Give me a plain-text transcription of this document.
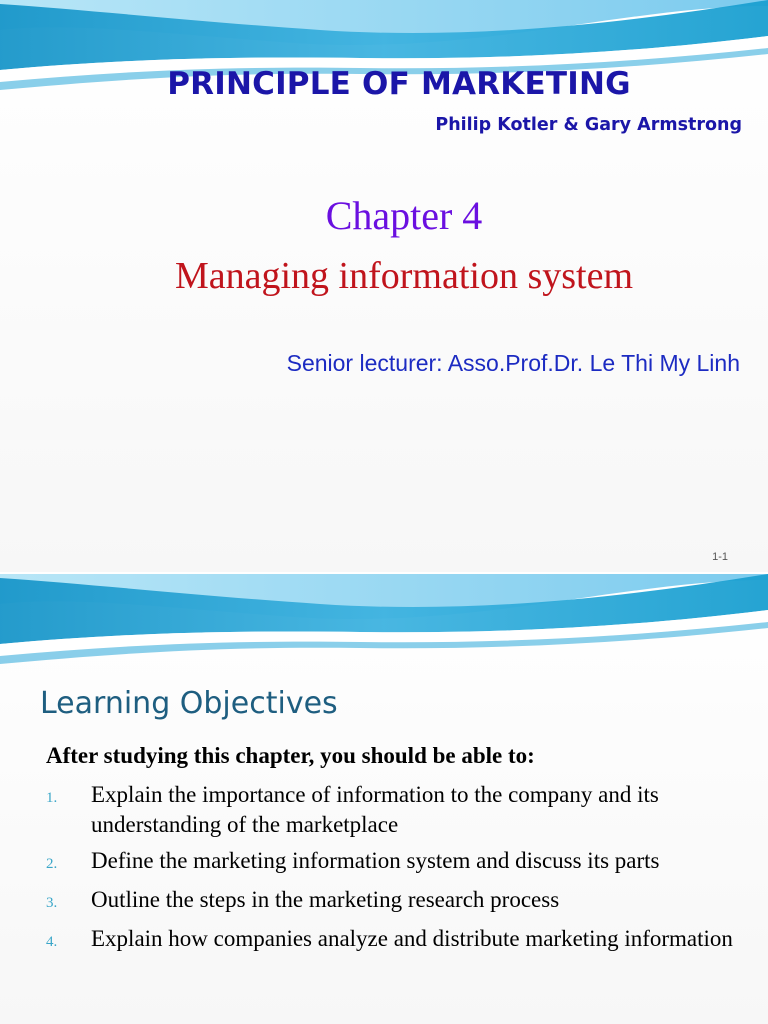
PRINCIPLE OF MARKETING

Philip Kotler & Gary Armstrong

Chapter 4

Managing information system

Senior lecturer: Asso.Prof.Dr. Le Thi My Linh

1-1

Learning Objectives

After studying this chapter, you should be able to:

1.	Explain the importance of information to the company and its understanding of the marketplace
2.	Define the marketing information system and discuss its parts
3.	Outline the steps in the marketing research process
4.	Explain how companies analyze and distribute marketing information
